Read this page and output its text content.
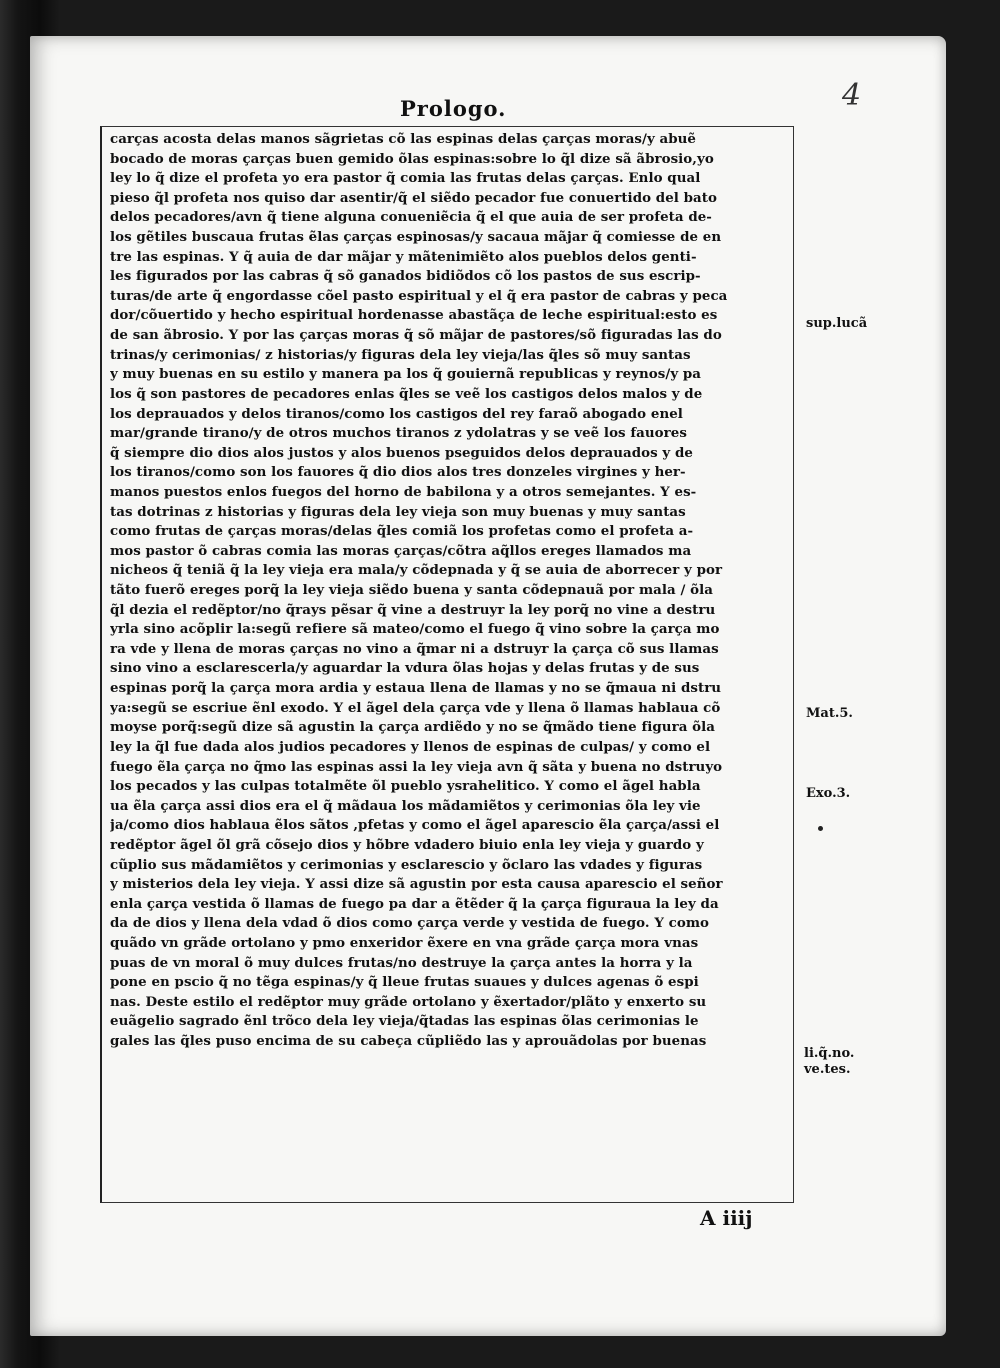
4
Prologo.
carças acosta delas manos sãgrietas cõ las espinas delas çarças moras/y abuẽ
bocado de moras çarças buen gemido õlas espinas:sobre lo q̃l dize sã ãbrosio,yo
ley lo q̃ dize el profeta yo era pastor q̃ comia las frutas delas çarças. Enlo qual
pieso q̃l profeta nos quiso dar asentir/q̃ el siẽdo pecador fue conuertido del bato
delos pecadores/avn q̃ tiene alguna conueniẽcia q̃ el que auia de ser profeta de-
los gẽtiles buscaua frutas ẽlas çarças espinosas/y sacaua mãjar q̃ comiesse de en
tre las espinas. Y q̃ auia de dar mãjar y mãtenimiẽto alos pueblos delos genti-
les figurados por las cabras q̃ sõ ganados bidiõdos cõ los pastos de sus escrip-
turas/de arte q̃ engordasse cõel pasto espiritual y el q̃ era pastor de cabras y peca
dor/cõuertido y hecho espiritual hordenasse abastãça de leche espiritual:esto es
de san ãbrosio. Y por las çarças moras q̃ sõ mãjar de pastores/sõ figuradas las do
trinas/y cerimonias/ z historias/y figuras dela ley vieja/las q̃les sõ muy santas
y muy buenas en su estilo y manera pa los q̃ gouiernã republicas y reynos/y pa
los q̃ son pastores de pecadores enlas q̃les se veẽ los castigos delos malos y de
los deprauados y delos tiranos/como los castigos del rey faraõ abogado enel
mar/grande tirano/y de otros muchos tiranos z ydolatras y se veẽ los fauores
q̃ siempre dio dios alos justos y alos buenos pseguidos delos deprauados y de
los tiranos/como son los fauores q̃ dio dios alos tres donzeles virgines y her-
manos puestos enlos fuegos del horno de babilona y a otros semejantes. Y es-
tas dotrinas z historias y figuras dela ley vieja son muy buenas y muy santas
como frutas de çarças moras/delas q̃les comiã los profetas como el profeta a-
mos pastor õ cabras comia las moras çarças/cõtra aq̃llos ereges llamados ma
nicheos q̃ teniã q̃ la ley vieja era mala/y cõdepnada y q̃ se auia de aborrecer y por
tãto fuerõ ereges porq̃ la ley vieja siẽdo buena y santa cõdepnauã por mala / õla
q̃l dezia el redẽptor/no q̃rays pẽsar q̃ vine a destruyr la ley porq̃ no vine a destru
yrla sino acõplir la:segũ refiere sã mateo/como el fuego q̃ vino sobre la çarça mo
ra vde y llena de moras çarças no vino a q̃mar ni a dstruyr la çarça cõ sus llamas
sino vino a esclarescerla/y aguardar la vdura õlas hojas y delas frutas y de sus
espinas porq̃ la çarça mora ardia y estaua llena de llamas y no se q̃maua ni dstru
ya:segũ se escriue ẽnl exodo. Y el ãgel dela çarça vde y llena õ llamas hablaua cõ
moyse porq̃:segũ dize sã agustin la çarça ardiẽdo y no se q̃mãdo tiene figura õla
ley la q̃l fue dada alos judios pecadores y llenos de espinas de culpas/ y como el
fuego ẽla çarça no q̃mo las espinas assi la ley vieja avn q̃ sãta y buena no dstruyo
los pecados y las culpas totalmẽte õl pueblo ysrahelitico. Y como el ãgel habla
ua ẽla çarça assi dios era el q̃ mãdaua los mãdamiẽtos y cerimonias õla ley vie
ja/como dios hablaua ẽlos sãtos ,pfetas y como el ãgel aparescio ẽla çarça/assi el
redẽptor ãgel õl grã cõsejo dios y hõbre vdadero biuio enla ley vieja y guardo y
cũplio sus mãdamiẽtos y cerimonias y esclarescio y õclaro las vdades y figuras
y misterios dela ley vieja. Y assi dize sã agustin por esta causa aparescio el señor
enla çarça vestida õ llamas de fuego pa dar a ẽtẽder q̃ la çarça figuraua la ley da
da de dios y llena dela vdad õ dios como çarça verde y vestida de fuego. Y como
quãdo vn grãde ortolano y pmo enxeridor ẽxere en vna grãde çarça mora vnas
puas de vn moral õ muy dulces frutas/no destruye la çarça antes la horra y la
pone en pscio q̃ no tẽga espinas/y q̃ lleue frutas suaues y dulces agenas õ espi
nas. Deste estilo el redẽptor muy grãde ortolano y ẽxertador/plãto y enxerto su
euãgelio sagrado ẽnl trõco dela ley vieja/q̃tadas las espinas õlas cerimonias le
gales las q̃les puso encima de su cabeça cũpliẽdo las y aprouãdolas por buenas
sup.lucã
Mat.5.
Exo.3.
li.q̃.no.
ve.tes.
A iiij
